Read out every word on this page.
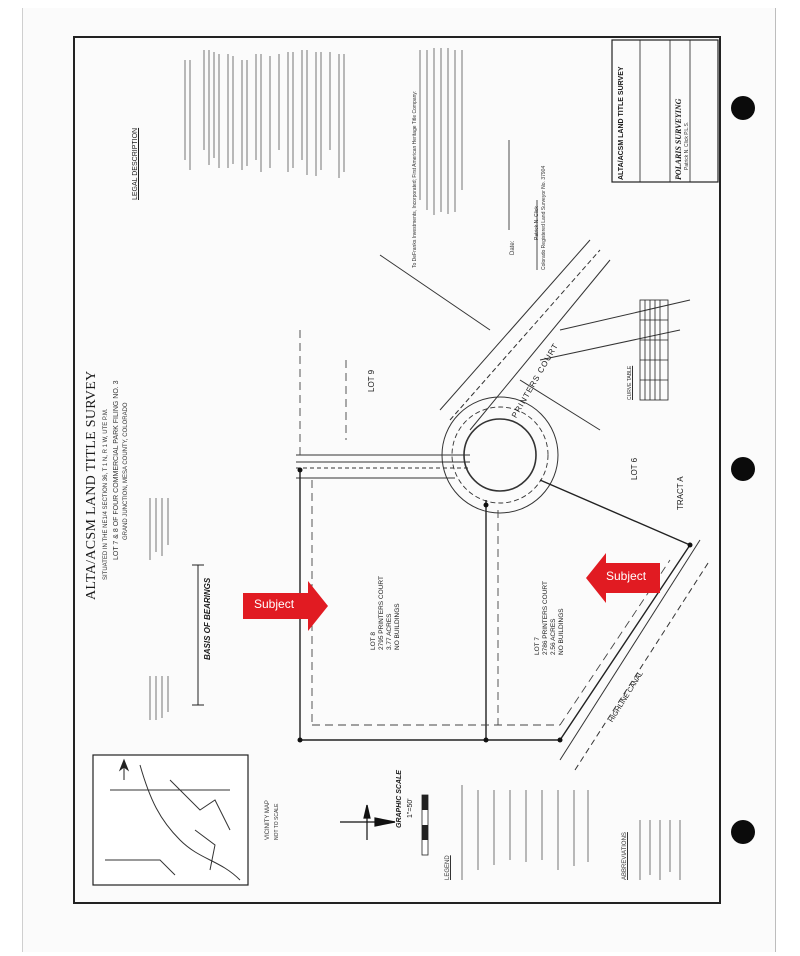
Subject
Subject
ALTA/ACSM LAND TITLE SURVEY SITUATED IN THE NE1/4 SECTION 36, T 1 N, R 1 W, UTE P.M. LOT 7 & 8 OF FOUR COMMERCIAL PARK FILING NO. 3 GRAND JUNCTION, MESA COUNTY, COLORADO
LEGAL DESCRIPTION
BASIS OF BEARINGS
LOT 9
LOT 6
TRACT A
PRINTERS COURT
HIGHLINE CANAL
LOT 8 2795 PRINTERS COURT 3.77 ACRES NO BUILDINGS	LOT 7 2786 PRINTERS COURT 2.56 ACRES NO BUILDINGS
To DeFranks Investments, Incorporated; First American Heritage Title Company:	Date:
Patrick N. Click Colorado Registered Land Surveyor No. 37904
VICINITY MAP NOT TO SCALE	GRAPHIC SCALE 1"=50'
LEGEND	ABBREVIATIONS
CURVE TABLE
ALTA/ACSM LAND TITLE SURVEY	POLARIS SURVEYING Patrick N. Click P.L.S.
